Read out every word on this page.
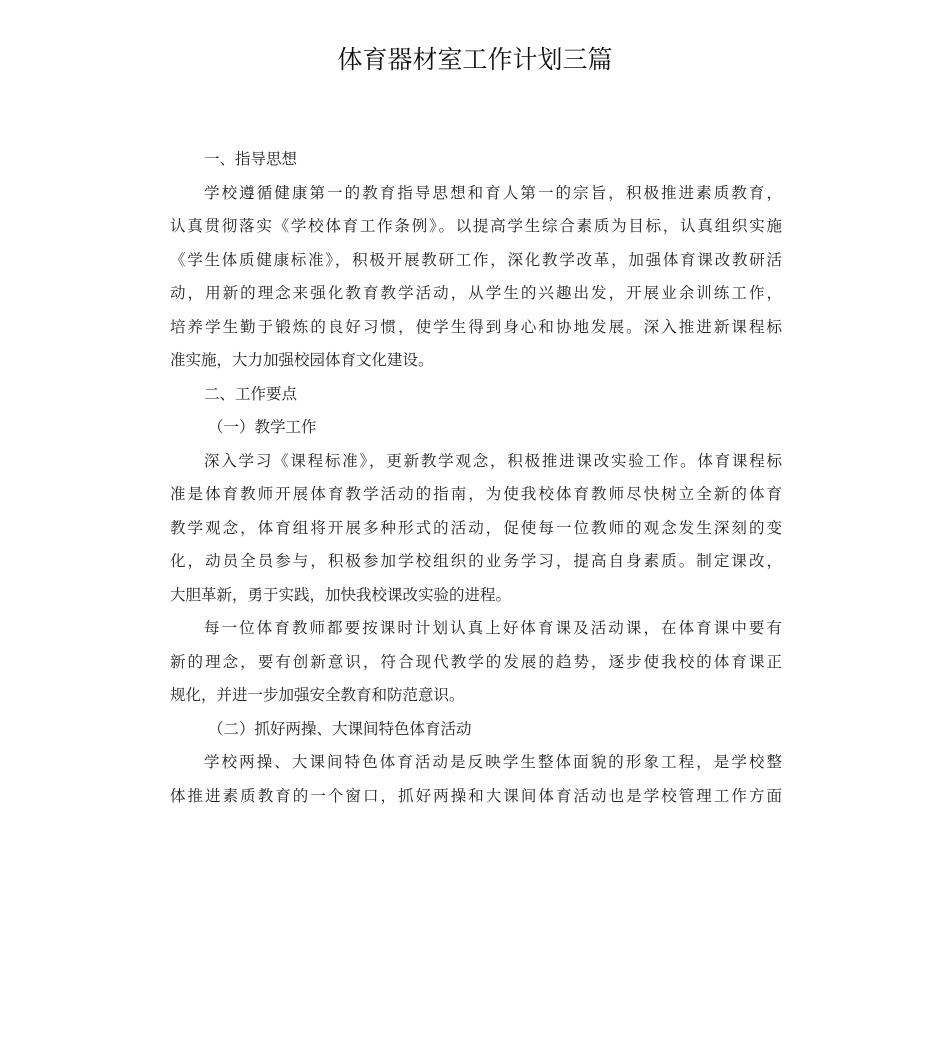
体育器材室工作计划三篇
一、指导思想
学校遵循健康第一的教育指导思想和育人第一的宗旨，积极推进素质教育，
认真贯彻落实《学校体育工作条例》。以提高学生综合素质为目标，认真组织实施
《学生体质健康标准》，积极开展教研工作，深化教学改革，加强体育课改教研活
动，用新的理念来强化教育教学活动，从学生的兴趣出发，开展业余训练工作，
培养学生勤于锻炼的良好习惯，使学生得到身心和协地发展。深入推进新课程标
准实施，大力加强校园体育文化建设。
二、工作要点
（一）教学工作
深入学习《课程标准》，更新教学观念，积极推进课改实验工作。体育课程标
准是体育教师开展体育教学活动的指南，为使我校体育教师尽快树立全新的体育
教学观念，体育组将开展多种形式的活动，促使每一位教师的观念发生深刻的变
化，动员全员参与，积极参加学校组织的业务学习，提高自身素质。制定课改，
大胆革新，勇于实践，加快我校课改实验的进程。
每一位体育教师都要按课时计划认真上好体育课及活动课，在体育课中要有
新的理念，要有创新意识，符合现代教学的发展的趋势，逐步使我校的体育课正
规化，并进一步加强安全教育和防范意识。
（二）抓好两操、大课间特色体育活动
学校两操、大课间特色体育活动是反映学生整体面貌的形象工程，是学校整
体推进素质教育的一个窗口，抓好两操和大课间体育活动也是学校管理工作方面
